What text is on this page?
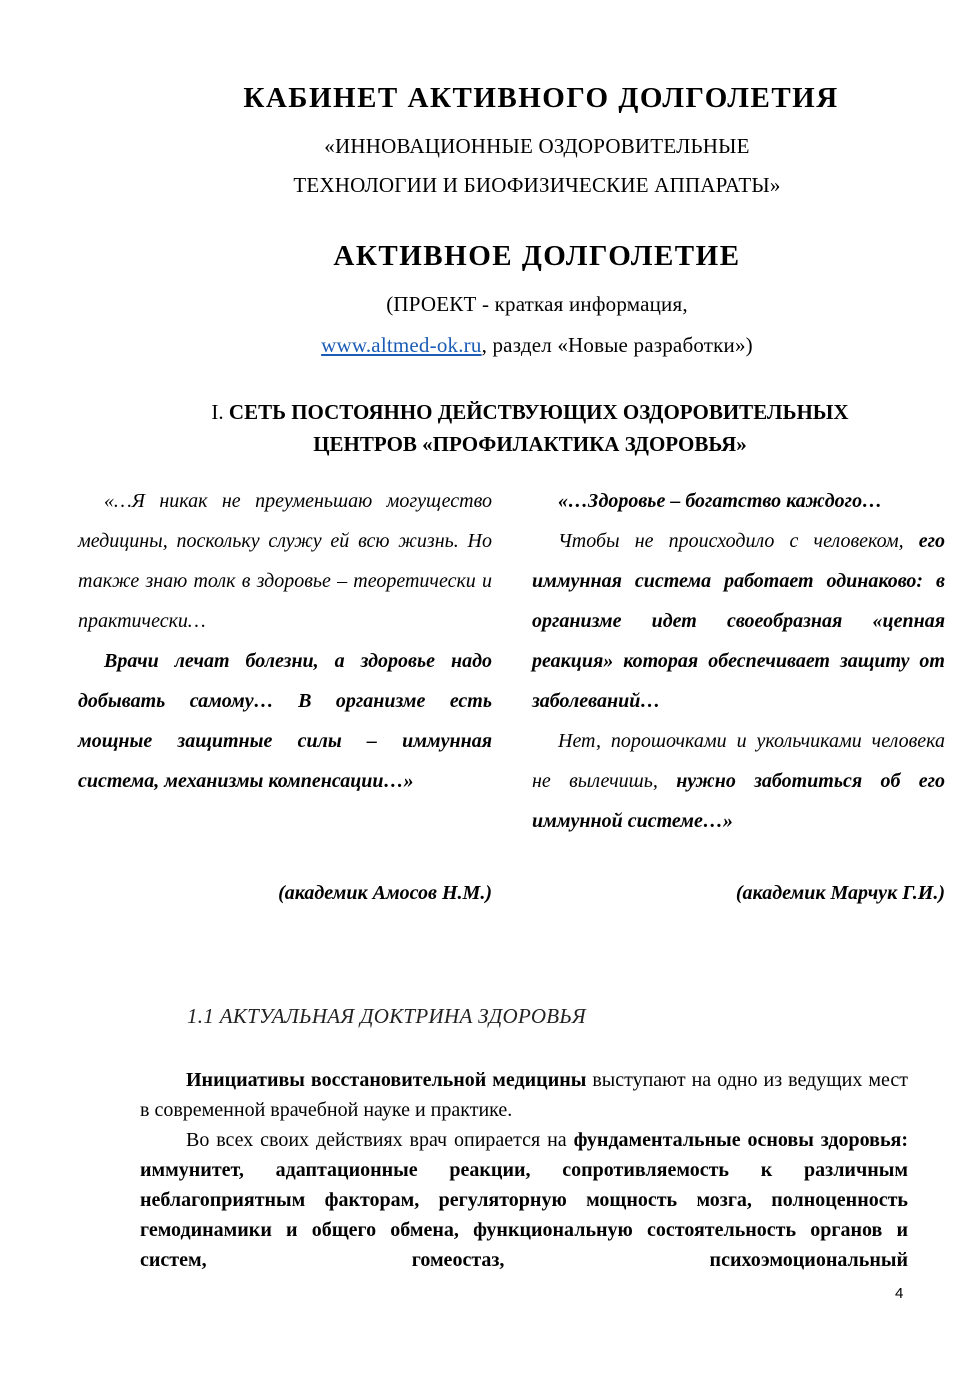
КАБИНЕТ АКТИВНОГО ДОЛГОЛЕТИЯ
«ИННОВАЦИОННЫЕ ОЗДОРОВИТЕЛЬНЫЕ
ТЕХНОЛОГИИ И БИОФИЗИЧЕСКИЕ АППАРАТЫ»
АКТИВНОЕ ДОЛГОЛЕТИЕ
(ПРОЕКТ - краткая информация,
www.altmed-ok.ru, раздел «Новые разработки»)
I. СЕТЬ ПОСТОЯННО ДЕЙСТВУЮЩИХ ОЗДОРОВИТЕЛЬНЫХ
ЦЕНТРОВ «ПРОФИЛАКТИКА ЗДОРОВЬЯ»

«…Я никак не преуменьшаю могущество медицины, поскольку служу ей всю жизнь. Но также знаю толк в здоровье – теоретически и практически…

Врачи лечат болезни, а здоровье надо добывать самому… В организме есть мощные защитные силы – иммунная система, механизмы компенсации…»

(академик Амосов Н.М.)

«…Здоровье – богатство каждого…

Чтобы не происходило с человеком, его иммунная система работает одинаково: в организме идет своеобразная «цепная реакция» которая обеспечивает защиту от заболеваний…

Нет, порошочками и укольчиками человека не вылечишь, нужно заботиться об его иммунной системе…»

(академик Марчук Г.И.)
1.1 АКТУАЛЬНАЯ ДОКТРИНА ЗДОРОВЬЯ

Инициативы восстановительной медицины выступают на одно из ведущих мест в современной врачебной науке и практике.

Во всех своих действиях врач опирается на фундаментальные основы здоровья: иммунитет, адаптационные реакции, сопротивляемость к различным неблагоприятным факторам, регуляторную мощность мозга, полноценность гемодинамики и общего обмена, функциональную состоятельность органов и систем, гомеостаз, психоэмоциональный

4
